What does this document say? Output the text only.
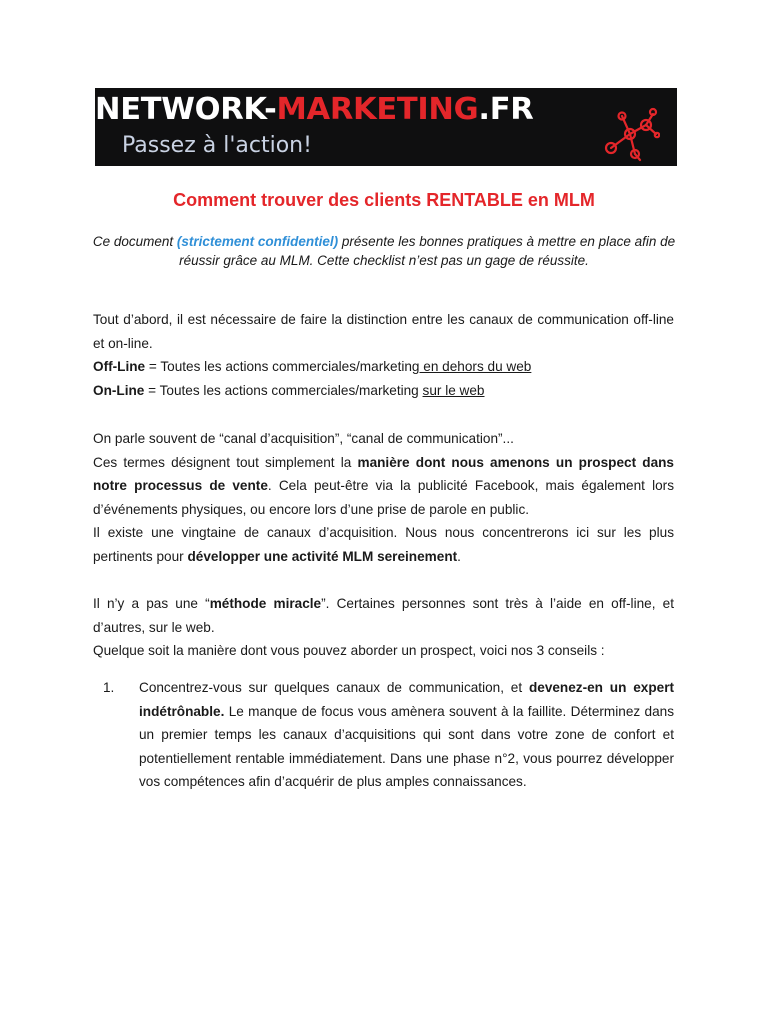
NETWORK-MARKETING.FR
Passez à l'action!
Comment trouver des clients RENTABLE en MLM
Ce document (strictement confidentiel) présente les bonnes pratiques à mettre en place afin de réussir grâce au MLM. Cette checklist n’est pas un gage de réussite.

Tout d’abord, il est nécessaire de faire la distinction entre les canaux de communication off-line et on-line.

Off-Line = Toutes les actions commerciales/marketing en dehors du web

On-Line = Toutes les actions commerciales/marketing sur le web

On parle souvent de “canal d’acquisition”, “canal de communication”...

Ces termes désignent tout simplement la manière dont nous amenons un prospect dans notre processus de vente. Cela peut-être via la publicité Facebook, mais également lors d’événements physiques, ou encore lors d’une prise de parole en public.

Il existe une vingtaine de canaux d’acquisition. Nous nous concentrerons ici sur les plus pertinents pour développer une activité MLM sereinement.

Il n’y a pas une “méthode miracle”. Certaines personnes sont très à l’aide en off-line, et d’autres, sur le web.

Quelque soit la manière dont vous pouvez aborder un prospect, voici nos 3 conseils :

1. Concentrez-vous sur quelques canaux de communication, et devenez-en un expert indétrônable. Le manque de focus vous amènera souvent à la faillite. Déterminez dans un premier temps les canaux d’acquisitions qui sont dans votre zone de confort et potentiellement rentable immédiatement. Dans une phase n°2, vous pourrez développer vos compétences afin d’acquérir de plus amples connaissances.
